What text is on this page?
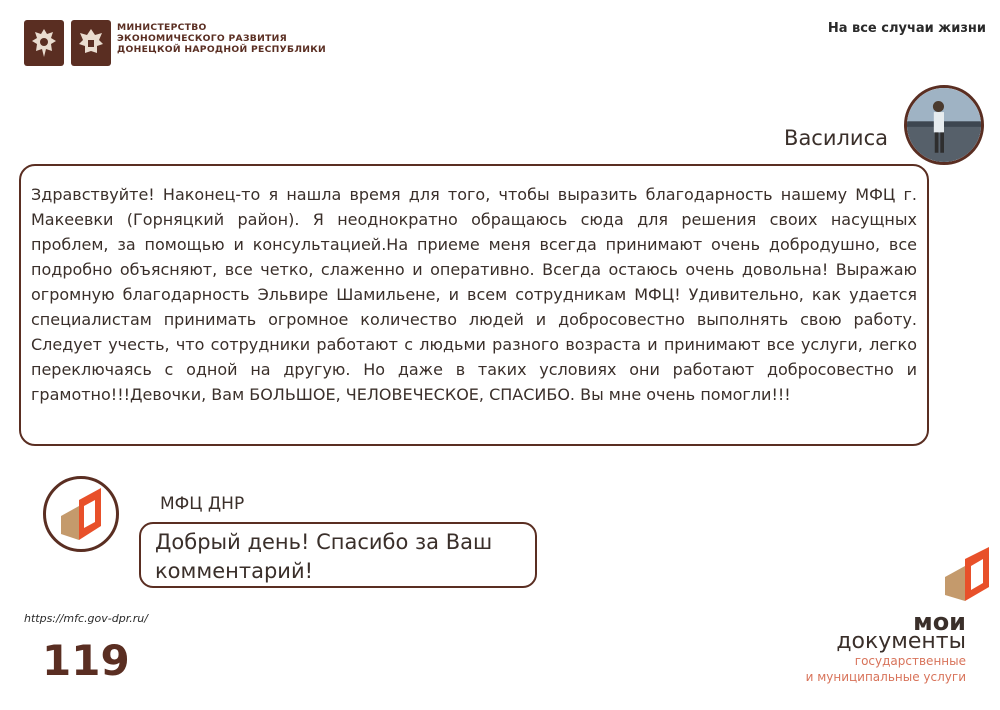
МИНИСТЕРСТВО
ЭКОНОМИЧЕСКОГО РАЗВИТИЯ
ДОНЕЦКОЙ НАРОДНОЙ РЕСПУБЛИКИ
На все случаи жизни
Василиса

Здравствуйте! Наконец-то я нашла время для того, чтобы выразить благодарность нашему МФЦ г. Макеевки (Горняцкий район). Я неоднократно обращаюсь сюда для решения своих насущных проблем, за помощью и консультацией.На приеме меня всегда принимают очень добродушно, все подробно объясняют, все четко, слаженно и оперативно. Всегда остаюсь очень довольна! Выражаю огромную благодарность Эльвире Шамильене, и всем сотрудникам МФЦ! Удивительно, как удается специалистам принимать огромное количество людей и добросовестно выполнять свою работу. Следует учесть, что сотрудники работают с людьми разного возраста и принимают все услуги, легко переключаясь с одной на другую. Но даже в таких условиях они работают добросовестно и грамотно!!!Девочки, Вам БОЛЬШОЕ, ЧЕЛОВЕЧЕСКОЕ, СПАСИБО. Вы мне очень помогли!!!

МФЦ ДНР

Добрый день! Спасибо за Ваш комментарий!

https://mfc.gov-dpr.ru/
119
мои
документы
государственные
и муниципальные услуги
